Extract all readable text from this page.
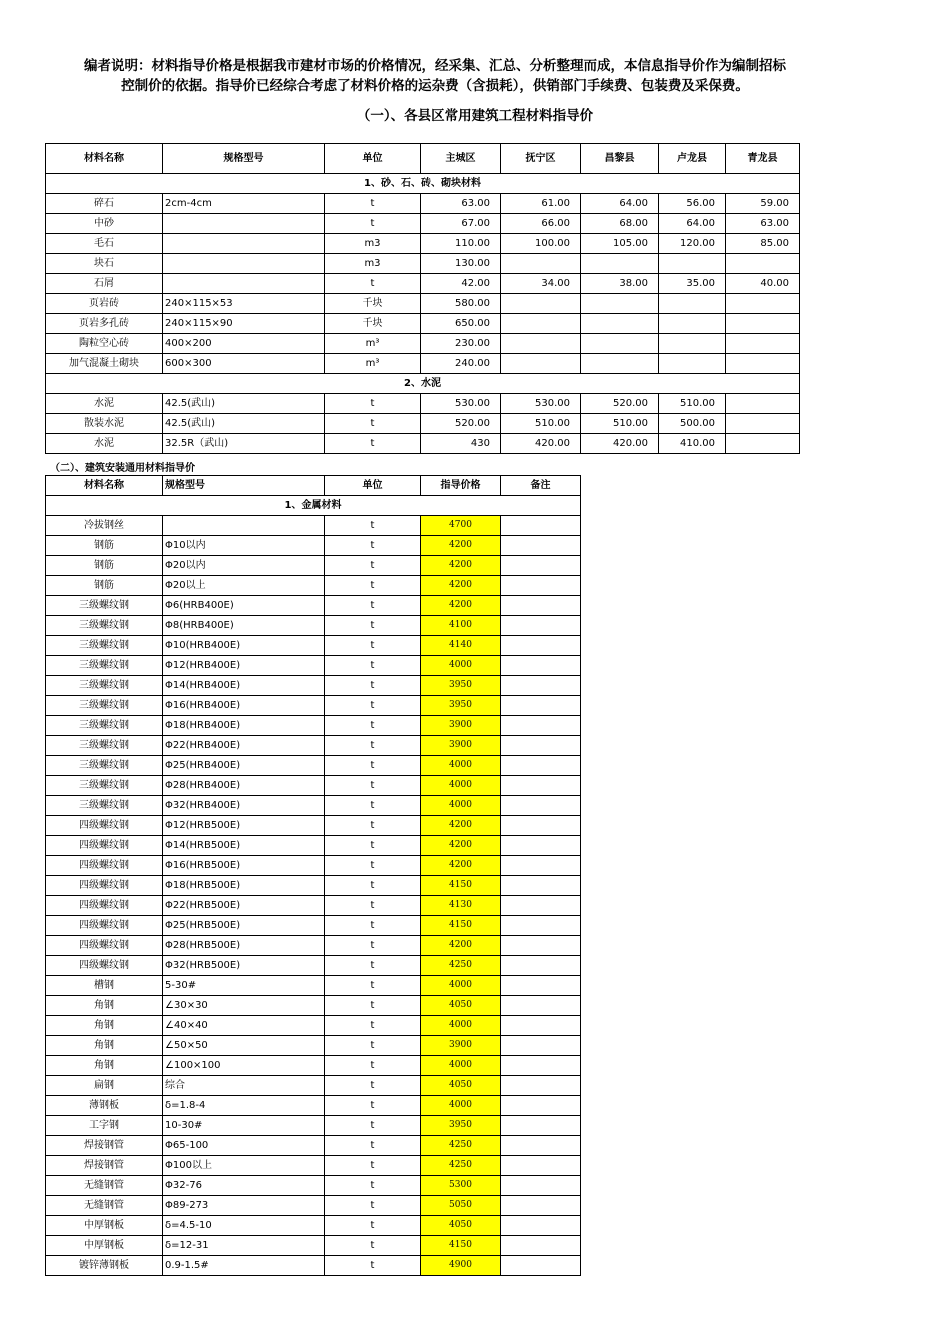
编者说明：材料指导价格是根据我市建材市场的价格情况，经采集、汇总、分析整理而成，本信息指导价作为编制招标
控制价的依据。指导价已经综合考虑了材料价格的运杂费（含损耗），供销部门手续费、包装费及采保费。
（一）、各县区常用建筑工程材料指导价
材料名称	规格型号	单位	主城区	抚宁区	昌黎县	卢龙县	青龙县
1、砂、石、砖、砌块材料							
碎石	2cm-4cm	t	63.00	61.00	64.00	56.00	59.00
中砂		t	67.00	66.00	68.00	64.00	63.00
毛石		m3	110.00	100.00	105.00	120.00	85.00
块石		m3	130.00				
石屑		t	42.00	34.00	38.00	35.00	40.00
页岩砖	240×115×53	千块	580.00				
页岩多孔砖	240×115×90	千块	650.00				
陶粒空心砖	400×200	m³	230.00				
加气混凝土砌块	600×300	m³	240.00				
2、水泥							
水泥	42.5(武山)	t	530.00	530.00	520.00	510.00	
散装水泥	42.5(武山)	t	520.00	510.00	510.00	500.00	
水泥	32.5R（武山)	t	430	420.00	420.00	410.00	
（二）、建筑安装通用材料指导价
材料名称	规格型号	单位	指导价格	备注
1、金属材料				
冷拔钢丝		t	4700	
钢筋	Φ10以内	t	4200	
钢筋	Φ20以内	t	4200	
钢筋	Φ20以上	t	4200	
三级螺纹钢	Φ6(HRB400E)	t	4200	
三级螺纹钢	Φ8(HRB400E)	t	4100	
三级螺纹钢	Φ10(HRB400E)	t	4140	
三级螺纹钢	Φ12(HRB400E)	t	4000	
三级螺纹钢	Φ14(HRB400E)	t	3950	
三级螺纹钢	Φ16(HRB400E)	t	3950	
三级螺纹钢	Φ18(HRB400E)	t	3900	
三级螺纹钢	Φ22(HRB400E)	t	3900	
三级螺纹钢	Φ25(HRB400E)	t	4000	
三级螺纹钢	Φ28(HRB400E)	t	4000	
三级螺纹钢	Φ32(HRB400E)	t	4000	
四级螺纹钢	Φ12(HRB500E)	t	4200	
四级螺纹钢	Φ14(HRB500E)	t	4200	
四级螺纹钢	Φ16(HRB500E)	t	4200	
四级螺纹钢	Φ18(HRB500E)	t	4150	
四级螺纹钢	Φ22(HRB500E)	t	4130	
四级螺纹钢	Φ25(HRB500E)	t	4150	
四级螺纹钢	Φ28(HRB500E)	t	4200	
四级螺纹钢	Φ32(HRB500E)	t	4250	
槽钢	5-30#	t	4000	
角钢	∠30×30	t	4050	
角钢	∠40×40	t	4000	
角钢	∠50×50	t	3900	
角钢	∠100×100	t	4000	
扁钢	综合	t	4050	
薄钢板	δ=1.8-4	t	4000	
工字钢	10-30#	t	3950	
焊接钢管	Φ65-100	t	4250	
焊接钢管	Φ100以上	t	4250	
无缝钢管	Φ32-76	t	5300	
无缝钢管	Φ89-273	t	5050	
中厚钢板	δ=4.5-10	t	4050	
中厚钢板	δ=12-31	t	4150	
镀锌薄钢板	0.9-1.5#	t	4900	
